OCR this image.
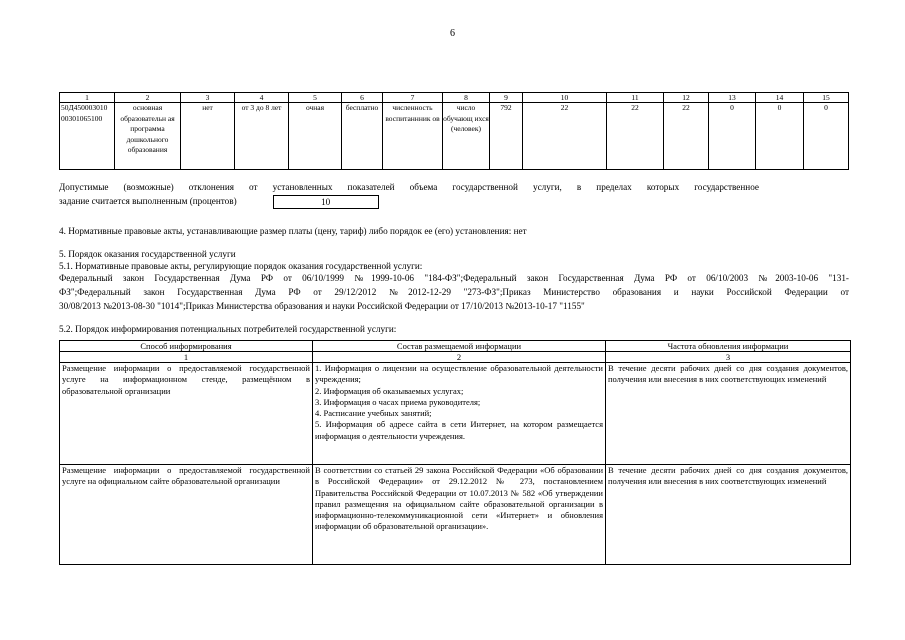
6
1	2	3	4	5	6	7	8	9	10	11	12	13	14	15
50Д450003010 00301065100	основная образовательн ая программа дошкольного образования	нет	от 3 до 8 лет	очная	бесплатно	численность воспитаннник ов	число обучающ ихся (человек)	792	22	22	22	0	0	0
Допустимые (возможные) отклонения от установленных показателей объема государственной услуги, в пределах которых государственное
задание считается выполненным (процентов)	10
4. Нормативные правовые акты, устанавливающие размер платы (цену, тариф) либо порядок ее (его) установления: нет
5. Порядок оказания государственной услуги
5.1. Нормативные правовые акты, регулирующие порядок оказания государственной услуги:
Федеральный закон Государственная Дума РФ от 06/10/1999 №1999-10-06 "184-ФЗ";Федеральный закон Государственная Дума РФ от 06/10/2003 №2003-10-06 "131-
ФЗ";Федеральный закон Государственная Дума РФ от 29/12/2012 №2012-12-29 "273-ФЗ";Приказ Министерство образования и науки Российской Федерации от
30/08/2013 №2013-08-30 "1014";Приказ Министерства образования и науки Российской Федерации от 17/10/2013 №2013-10-17 "1155"
5.2. Порядок информирования потенциальных потребителей государственной услуги:
Способ информирования	Состав размещаемой информации	Частота обновления информации
1	2	3
Размещение информации о предоставляемой государственной услуге на информационном стенде, размещённом в образовательной организации	1. Информация о лицензии на осуществление образовательной деятельности учреждения;
2. Информация об оказываемых услугах;
3. Информация о часах приема руководителя;
4. Расписание учебных занятий;
5. Информация об адресе сайта в сети Интернет, на котором размещается информация о деятельности учреждения.	В течение десяти рабочих дней со дня создания документов, получения или внесения в них соответствующих изменений
Размещение информации о предоставляемой государственной услуге на официальном сайте образовательной организации	В соответствии со статьей 29 закона Российской Федерации «Об образовании в Российской Федерации» от 29.12.2012 № 273, постановлением Правительства Российской Федерации от 10.07.2013 № 582 «Об утверждении правил размещения на официальном сайте образовательной организации в информационно-телекоммуникационной сети «Интернет» и обновления информации об образовательной организации».	В течение десяти рабочих дней со дня создания документов, получения или внесения в них соответствующих изменений
